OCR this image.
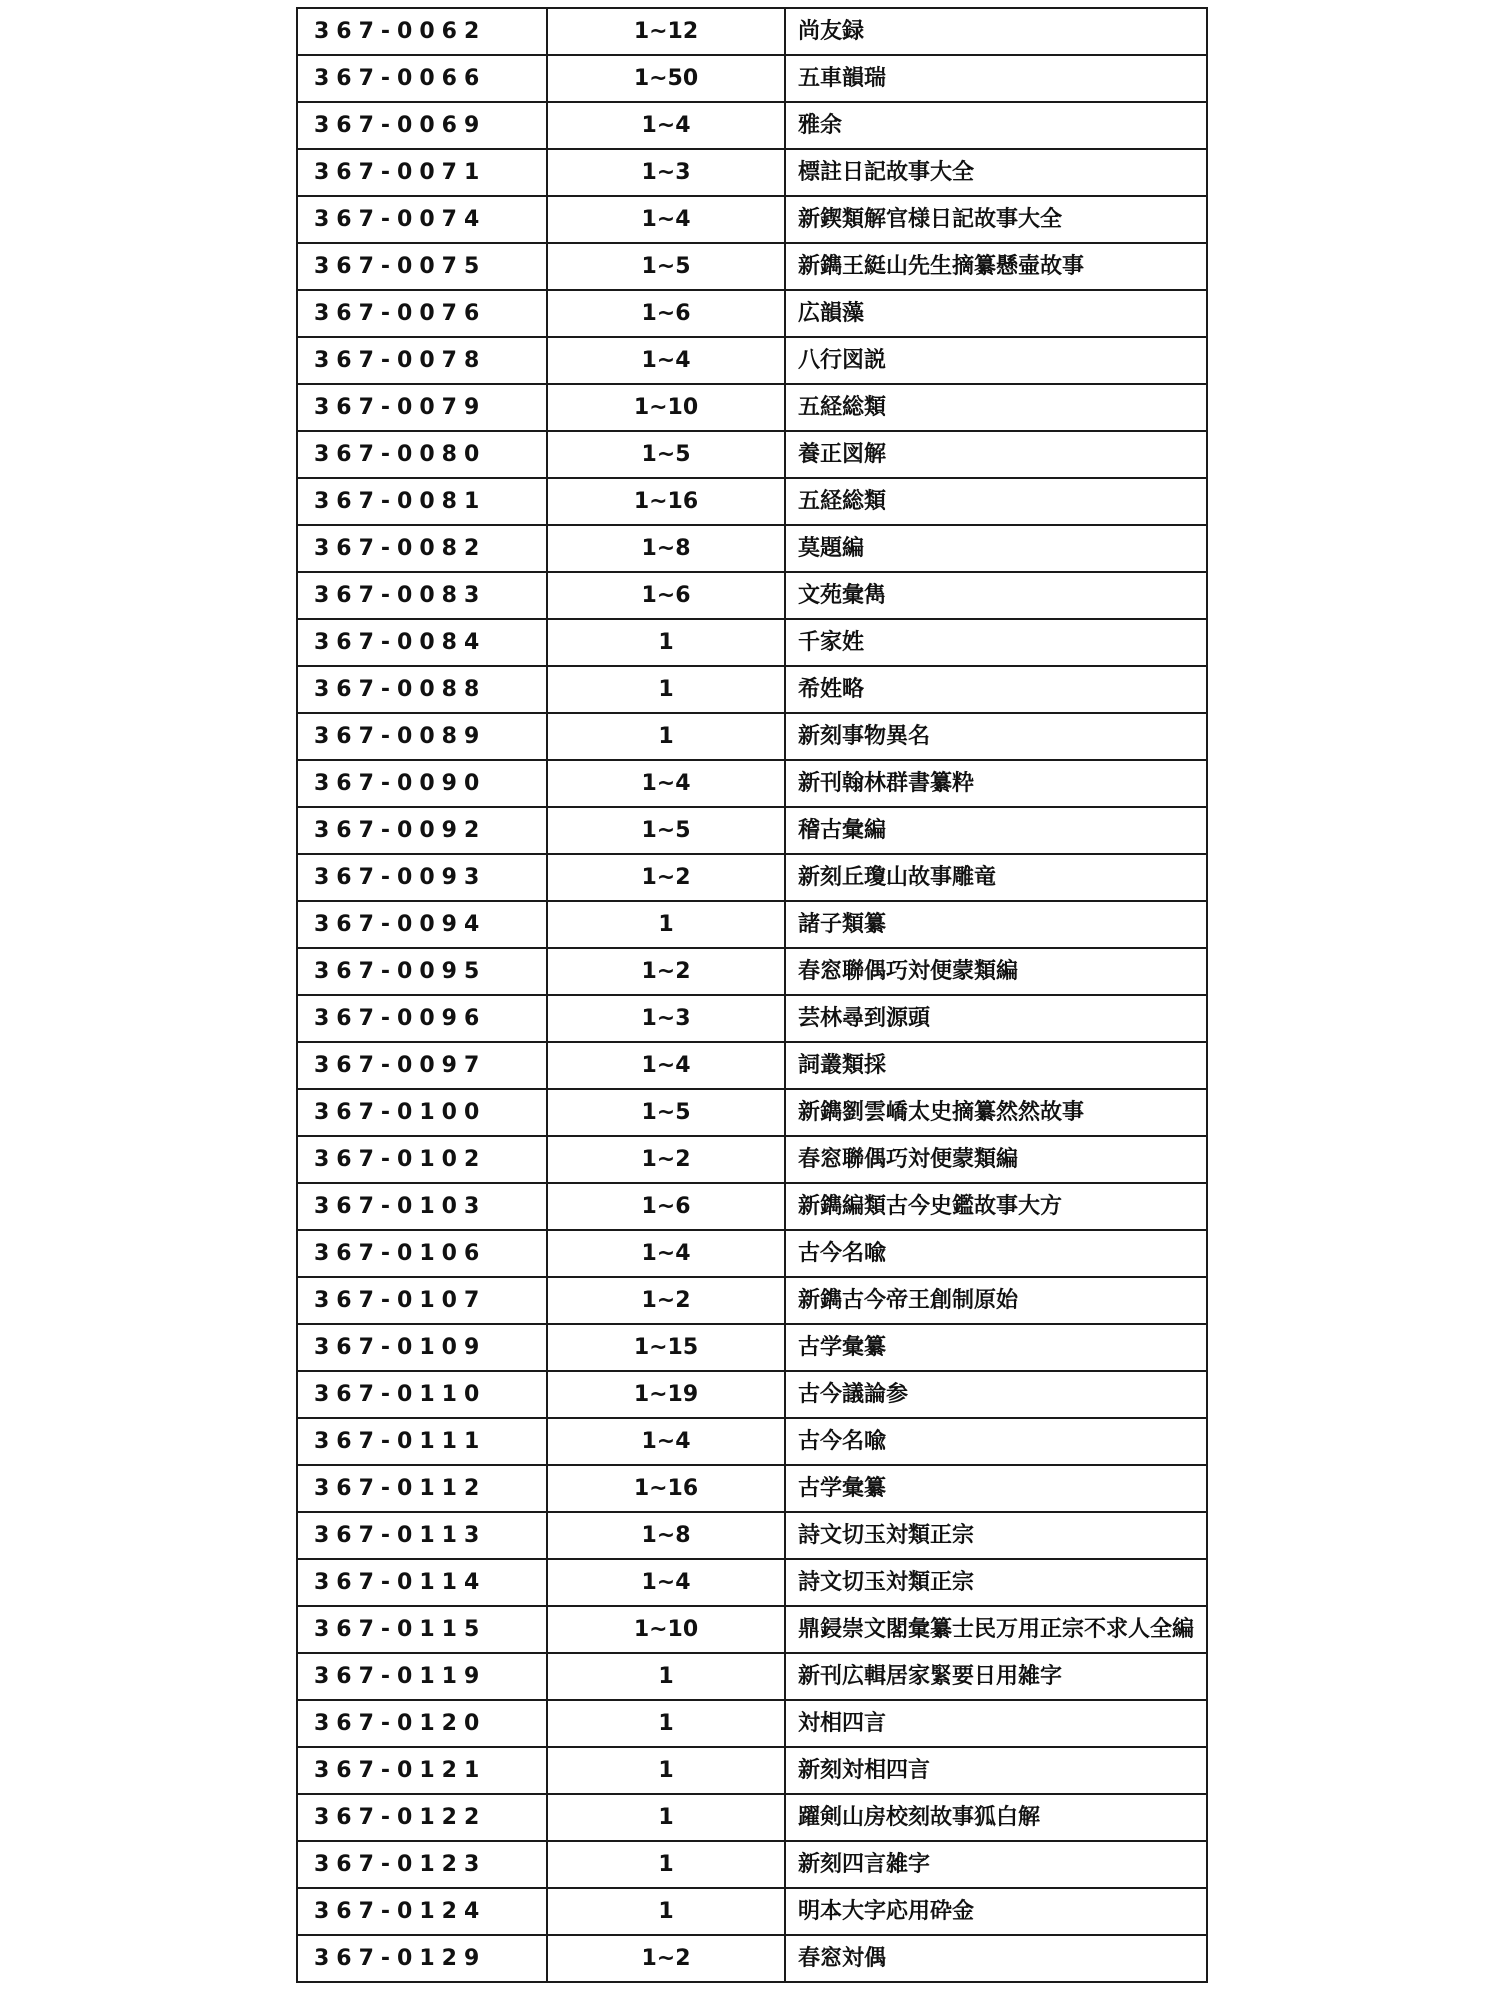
367-0062	1~12	尚友録
367-0066	1~50	五車韻瑞
367-0069	1~4	雅余
367-0071	1~3	標註日記故事大全
367-0074	1~4	新鍥類解官様日記故事大全
367-0075	1~5	新鐫王綎山先生摘纂懸壷故事
367-0076	1~6	広韻藻
367-0078	1~4	八行図説
367-0079	1~10	五経総類
367-0080	1~5	養正図解
367-0081	1~16	五経総類
367-0082	1~8	莫題編
367-0083	1~6	文苑彙雋
367-0084	1	千家姓
367-0088	1	希姓略
367-0089	1	新刻事物異名
367-0090	1~4	新刊翰林群書纂粋
367-0092	1~5	稽古彙編
367-0093	1~2	新刻丘瓊山故事雕竜
367-0094	1	諸子類纂
367-0095	1~2	春窓聯偶巧対便蒙類編
367-0096	1~3	芸林尋到源頭
367-0097	1~4	詞叢類採
367-0100	1~5	新鐫劉雲嶠太史摘纂然然故事
367-0102	1~2	春窓聯偶巧対便蒙類編
367-0103	1~6	新鐫編類古今史鑑故事大方
367-0106	1~4	古今名喩
367-0107	1~2	新鐫古今帝王創制原始
367-0109	1~15	古学彙纂
367-0110	1~19	古今議論参
367-0111	1~4	古今名喩
367-0112	1~16	古学彙纂
367-0113	1~8	詩文切玉対類正宗
367-0114	1~4	詩文切玉対類正宗
367-0115	1~10	鼎鋟崇文閣彙纂士民万用正宗不求人全編
367-0119	1	新刊広輯居家緊要日用雑字
367-0120	1	対相四言
367-0121	1	新刻対相四言
367-0122	1	躍剣山房校刻故事狐白解
367-0123	1	新刻四言雑字
367-0124	1	明本大字応用砕金
367-0129	1~2	春窓対偶
